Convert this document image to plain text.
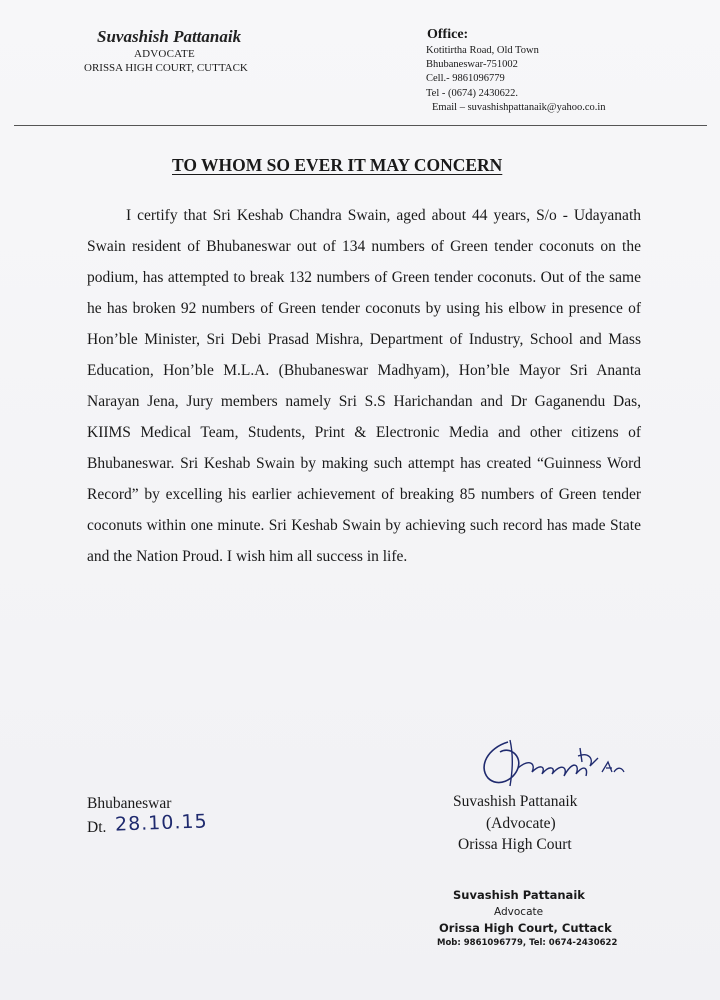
Suvashish Pattanaik
ADVOCATE
ORISSA HIGH COURT, CUTTACK
Office:
Kotitirtha Road, Old Town
Bhubaneswar-751002
Cell.- 9861096779
Tel - (0674) 2430622.
Email – suvashishpattanaik@yahoo.co.in
TO WHOM SO EVER IT MAY CONCERN

I certify that Sri Keshab Chandra Swain, aged about 44 years, S/o - Udayanath Swain resident of Bhubaneswar out of 134 numbers of Green tender coconuts on the podium, has attempted to break 132 numbers of Green tender coconuts. Out of the same he has broken 92 numbers of Green tender coconuts by using his elbow in presence of Hon’ble Minister, Sri Debi Prasad Mishra, Department of Industry, School and Mass Education, Hon’ble M.L.A. (Bhubaneswar Madhyam), Hon’ble Mayor Sri Ananta Narayan Jena, Jury members namely Sri S.S Harichandan and Dr Gaganendu Das, KIIMS Medical Team, Students, Print & Electronic Media and other citizens of Bhubaneswar. Sri Keshab Swain by making such attempt has created “Guinness Word Record” by excelling his earlier achievement of breaking 85 numbers of Green tender coconuts within one minute. Sri Keshab Swain by achieving such record has made State and the Nation Proud. I wish him all success in life.

Bhubaneswar
Dt. 28.10.15
Suvashish Pattanaik
(Advocate)
Orissa High Court
Suvashish Pattanaik
Advocate
Orissa High Court, Cuttack
Mob: 9861096779, Tel: 0674-2430622
